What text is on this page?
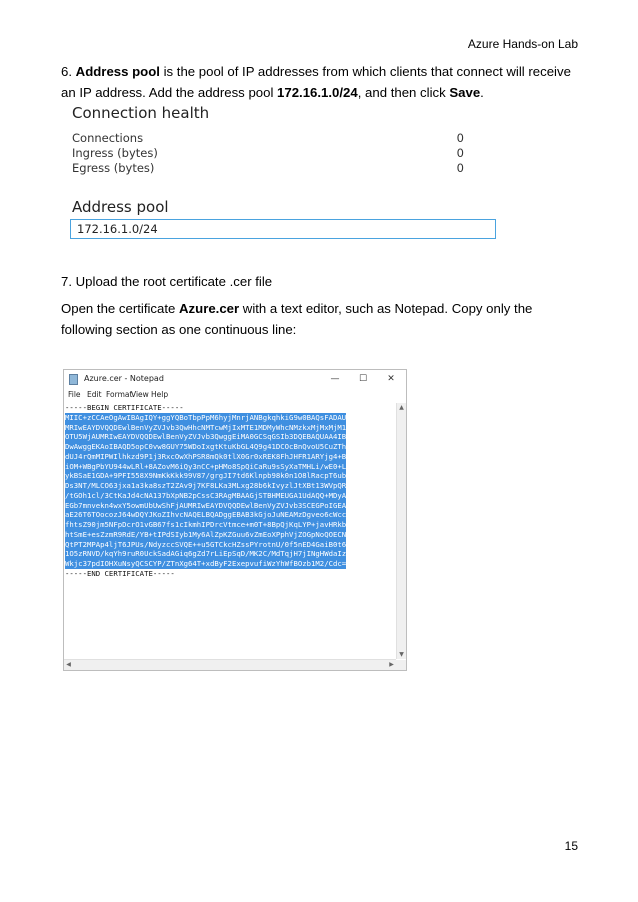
Azure Hands-on Lab

6. Address pool is the pool of IP addresses from which clients that connect will receive an IP address. Add the address pool 172.16.1.0/24, and then click Save.

Connection health
Connections	0
Ingress (bytes)	0
Egress (bytes)	0
Address pool
172.16.1.0/24

7. Upload the root certificate .cer file

Open the certificate Azure.cer with a text editor, such as Notepad. Copy only the following section as one continuous line:

Azure.cer - Notepad	—	☐	✕
File Edit Format
View Help
-----BEGIN CERTIFICATE-----
MIIC+zCCAeOgAwIBAgIQY+ggYQBoTbpPpM6hyjMnrjANBgkqhkiG9w0BAQsFADAU
MRIwEAYDVQQDEwlBenVyZVJvb3QwHhcNMTcwMjIxMTE1MDMyWhcNMzkxMjMxMjM1
OTU5WjAUMRIwEAYDVQQDEwlBenVyZVJvb3QwggEiMA0GCSqGSIb3DQEBAQUAA4IB
DwAwggEKAoIBAQD5opC0vw8GUY75WDoIxgtKtuKbGL4Q9g41DCOcBnQvoU5CuZTh
dUJ4rQmMIPWIlhkzd9P1j3RxcOwXhPSR8mQk0tlX0Gr0xREK8FhJHFR1ARYjg4+B
iOM+WBgPbYU944wLRl+8AZovM6iQy3nCC+pHMo8SpQiCaRu9sSyXaTMHLi/wE0+L
ykBSaE1GDA+9PFI558X9NmKkKkk99V87/grgJI7td6Klnpb98k0n1O8lRacpT6ub
Ds3NT/MLCO63jxa1a3ka8szT2ZAv9j7KF8LKa3MLxg28b6kIvyzlJtXBt13WVpQR
/tGOh1cl/3CtKaJd4cNA137bXpNB2pCssC3RAgMBAAGjSTBHMEUGA1UdAQQ+MDyA
EGb7mnvekn4wxY5owmUbUwShFjAUMRIwEAYDVQQDEwlBenVyZVJvb3SCEGPoIGEA
aE26T6TOocozJ64wDQYJKoZIhvcNAQELBQADggEBAB3kGjoJuNEAMzDgveo6cWcc
fhtsZ90jm5NFpDcrO1vGB67fs1cIkmhIPDrcVtmce+m0T+8BpQjKqLYP+javHRkb
htSmE+esZzmR9RdE/YB+tIPdSIyb1My6AlZpKZGuu6vZmEoXPphVjZOGpNoQOECN
QtPT2MPAp4ljT6JPUs/NdyzccSVQE++u5GTCkcHZssPYrotnU/0f5nED4GaiB0t6
1O5zRNVD/kqYh9ruR0UckSadAGiq6gZd7rLiEpSqD/MK2C/MdTqjH7jINgHWdaIz
Wkjc37pdIOHXuNsyQCSCYP/ZTnXg64T+xdByF2ExepvufiWzYhWfBOzb1M2/Cdc=
-----END CERTIFICATE-----
▲
▼
◀	▶
15
